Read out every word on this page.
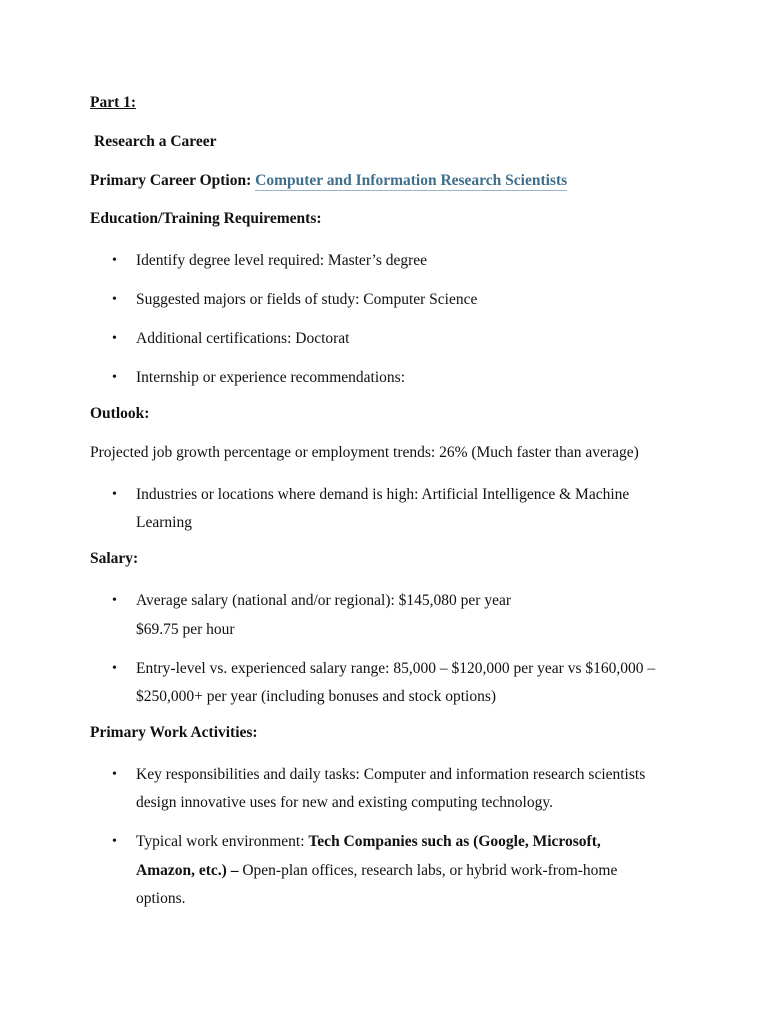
Part 1:
Research a Career
Primary Career Option: Computer and Information Research Scientists
Education/Training Requirements:
• Identify degree level required: Master’s degree
• Suggested majors or fields of study: Computer Science
• Additional certifications: Doctorat
• Internship or experience recommendations:
Outlook:
Projected job growth percentage or employment trends: 26% (Much faster than average)
• Industries or locations where demand is high: Artificial Intelligence & Machine Learning
Salary:
• Average salary (national and/or regional): $145,080 per year
$69.75 per hour
• Entry-level vs. experienced salary range: 85,000 – $120,000 per year vs $160,000 – $250,000+ per year (including bonuses and stock options)
Primary Work Activities:
• Key responsibilities and daily tasks: Computer and information research scientists design innovative uses for new and existing computing technology.
• Typical work environment: Tech Companies such as (Google, Microsoft, Amazon, etc.) – Open-plan offices, research labs, or hybrid work-from-home options.
